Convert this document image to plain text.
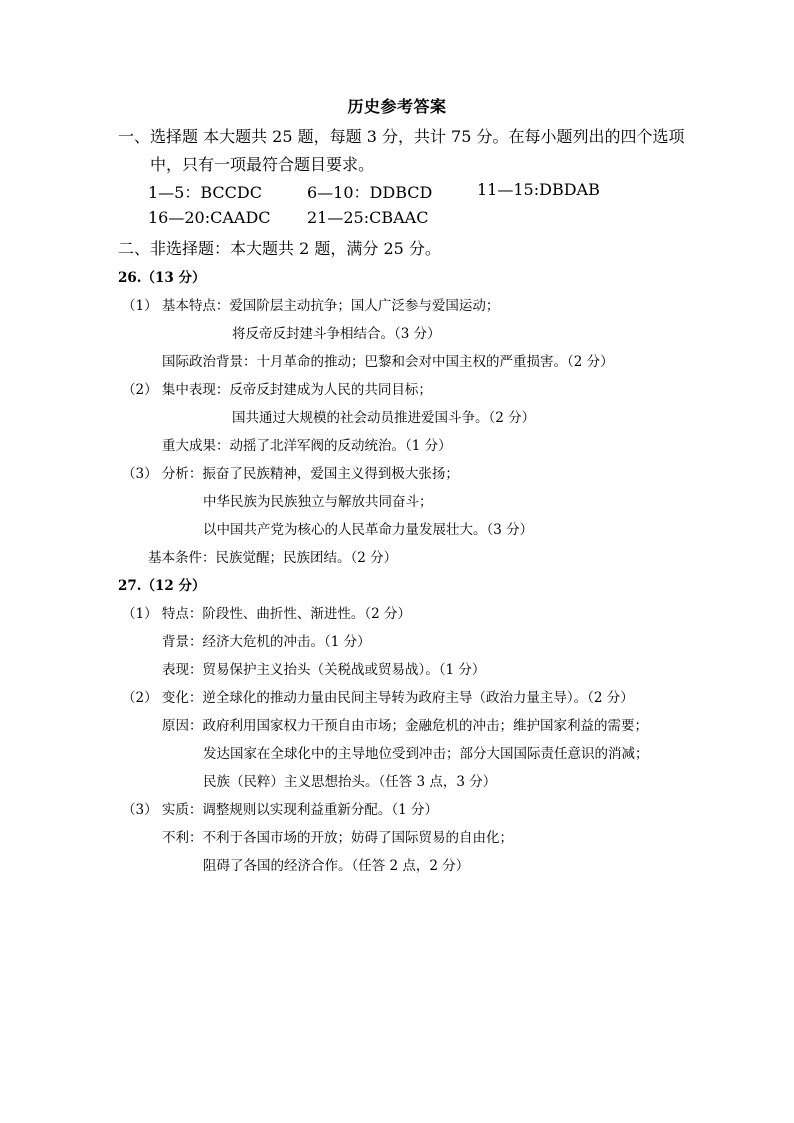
历史参考答案
一、选择题 本大题共 25 题，每题 3 分，共计 75 分。在每小题列出的四个选项
中，只有一项最符合题目要求。
1—5：BCCDC	6—10：DDBCD	11—15:DBDAB
16—20:CAADC 21—25:CBAAC
二、非选择题：本大题共 2 题，满分 25 分。
26.（13 分）
（1） 基本特点：爱国阶层主动抗争；国人广泛参与爱国运动；
将反帝反封建斗争相结合。（3 分）
国际政治背景：十月革命的推动；巴黎和会对中国主权的严重损害。（2 分）
（2） 集中表现：反帝反封建成为人民的共同目标；
国共通过大规模的社会动员推进爱国斗争。（2 分）
重大成果：动摇了北洋军阀的反动统治。（1 分）
（3） 分析：振奋了民族精神，爱国主义得到极大张扬；
中华民族为民族独立与解放共同奋斗；
以中国共产党为核心的人民革命力量发展壮大。（3 分）
基本条件：民族觉醒；民族团结。（2 分）
27.（12 分）
（1） 特点：阶段性、曲折性、渐进性。（2 分）
背景：经济大危机的冲击。（1 分）
表现：贸易保护主义抬头（关税战或贸易战）。（1 分）
（2） 变化：逆全球化的推动力量由民间主导转为政府主导（政治力量主导）。（2 分）
原因：政府利用国家权力干预自由市场；金融危机的冲击；维护国家利益的需要；
发达国家在全球化中的主导地位受到冲击；部分大国国际责任意识的消减；
民族（民粹）主义思想抬头。（任答 3 点，3 分）
（3） 实质：调整规则以实现利益重新分配。（1 分）
不利：不利于各国市场的开放；妨碍了国际贸易的自由化；
阻碍了各国的经济合作。（任答 2 点，2 分）
